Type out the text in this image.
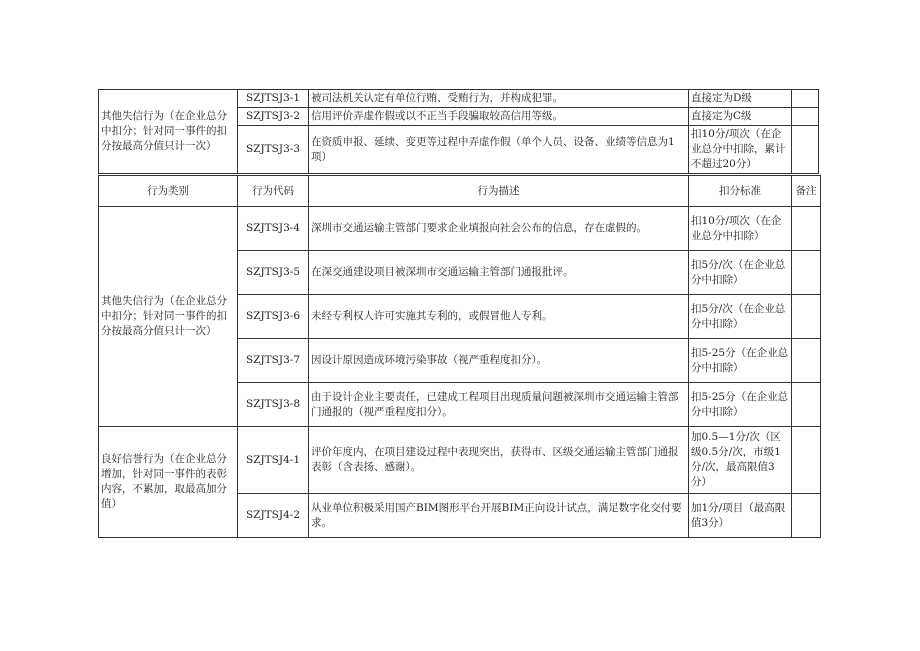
其他失信行为（在企业总分中扣分；针对同一事件的扣分按最高分值只计一次）	SZJTSJ3-1	被司法机关认定有单位行贿、受贿行为，并构成犯罪。	直接定为D级	
	SZJTSJ3-2	信用评价弄虚作假或以不正当手段骗取较高信用等级。	直接定为C级	
	SZJTSJ3-3	在资质申报、延续、变更等过程中弄虚作假（单个人员、设备、业绩等信息为1项）	扣10分/项次（在企业总分中扣除，累计不超过20分）	
行为类别	行为代码	行为描述	扣分标准	备注
其他失信行为（在企业总分中扣分；针对同一事件的扣分按最高分值只计一次）	SZJTSJ3-4	深圳市交通运输主管部门要求企业填报向社会公布的信息，存在虚假的。	扣10分/项次（在企业总分中扣除）	
	SZJTSJ3-5	在深交通建设项目被深圳市交通运输主管部门通报批评。	扣5分/次（在企业总分中扣除）	
	SZJTSJ3-6	未经专利权人许可实施其专利的，或假冒他人专利。	扣5分/次（在企业总分中扣除）	
	SZJTSJ3-7	因设计原因造成环境污染事故（视严重程度扣分）。	扣5-25分（在企业总分中扣除）	
	SZJTSJ3-8	由于设计企业主要责任，已建成工程项目出现质量问题被深圳市交通运输主管部门通报的（视严重程度扣分）。	扣5-25分（在企业总分中扣除）	
良好信誉行为（在企业总分增加，针对同一事件的表彰内容，不累加，取最高加分值）	SZJTSJ4-1	评价年度内，在项目建设过程中表现突出，获得市、区级交通运输主管部门通报表彰（含表扬、感谢）。	加0.5—1分/次（区级0.5分/次，市级1分/次，最高限值3分）	
	SZJTSJ4-2	从业单位积极采用国产BIM图形平台开展BIM正向设计试点，满足数字化交付要求。	加1分/项目（最高限值3分）	
